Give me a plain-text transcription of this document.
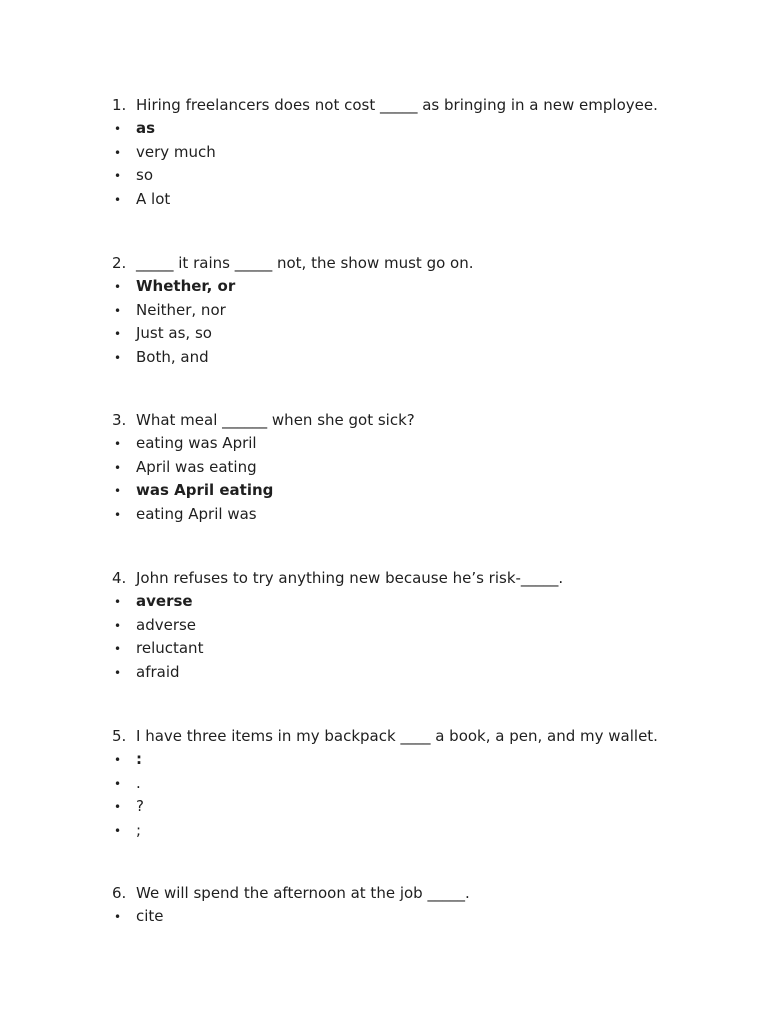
1. Hiring freelancers does not cost _____ as bringing in a new employee.
• as
• very much
• so
• A lot
2. _____ it rains _____ not, the show must go on.
• Whether, or
• Neither, nor
• Just as, so
• Both, and
3. What meal ______ when she got sick?
• eating was April
• April was eating
• was April eating
• eating April was
4. John refuses to try anything new because he’s risk-_____.
• averse
• adverse
• reluctant
• afraid
5. I have three items in my backpack ____ a book, a pen, and my wallet.
• :
• .
• ?
• ;
6. We will spend the afternoon at the job _____.
• cite
